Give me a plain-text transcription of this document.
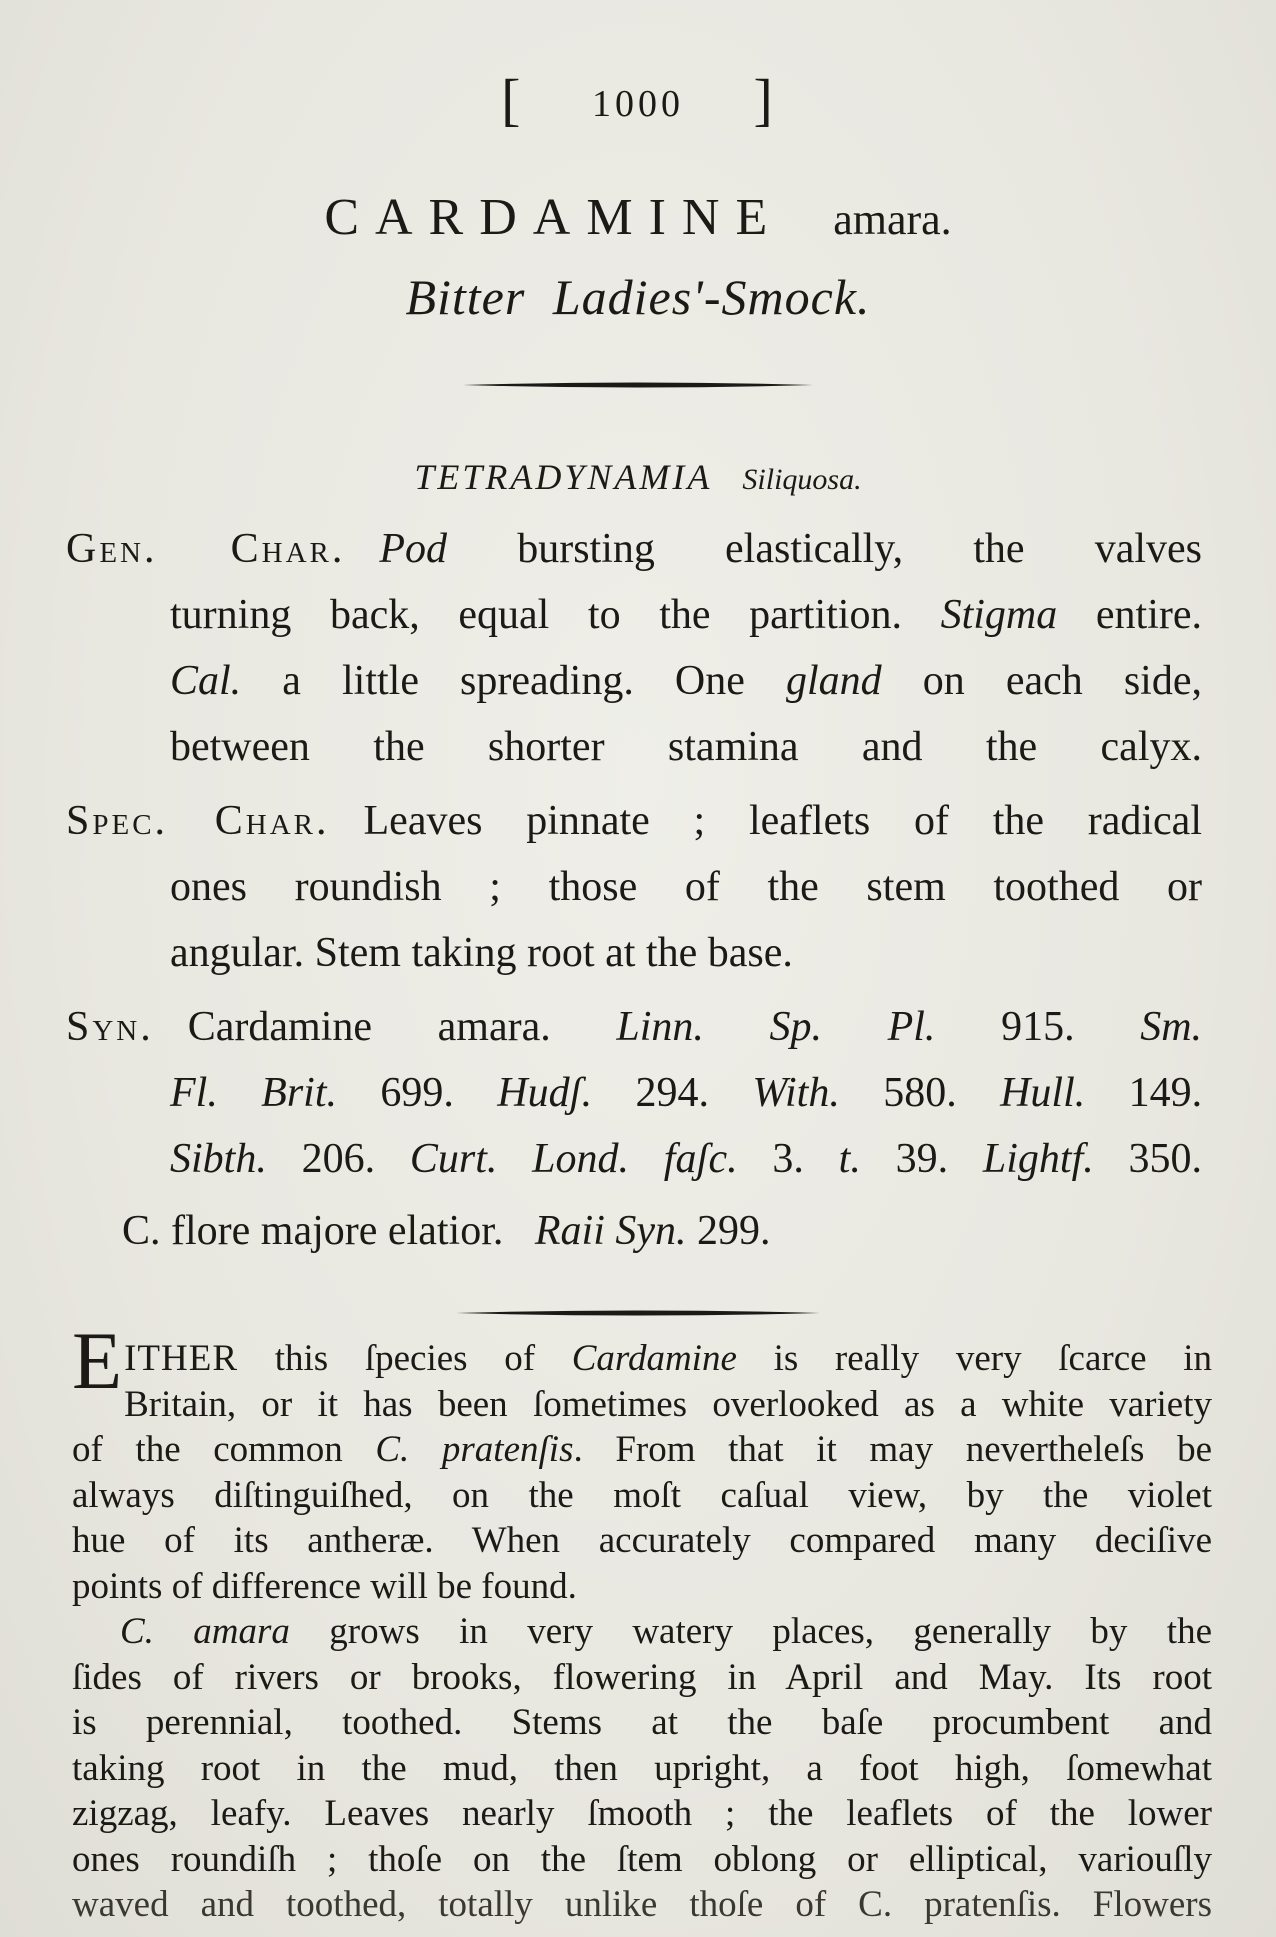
[ 1000 ]
CARDAMINE amara.
Bitter Ladies'-Smock.
TETRADYNAMIA Siliquosa.
Gen. Char. Pod bursting elastically, the valves
turning back, equal to the partition. Stigma entire.
Cal. a little spreading. One gland on each side,
between the shorter stamina and the calyx.
Spec. Char. Leaves pinnate ; leaflets of the radical
ones roundish ; those of the stem toothed or
angular. Stem taking root at the base.
Syn. Cardamine amara. Linn. Sp. Pl. 915. Sm.
Fl. Brit. 699. Hudʃ. 294. With. 580. Hull. 149.
Sibth. 206. Curt. Lond. faʃc. 3. t. 39. Lightf. 350.
C. flore majore elatior. Raii Syn. 299.
EITHER this ſpecies of Cardamine is really very ſcarce in
Britain, or it has been ſometimes overlooked as a white variety
of the common C. pratenſis. From that it may neverthelеſs be
always diſtinguiſhed, on the moſt caſual view, by the violet
hue of its antheræ. When accurately compared many deciſive
points of difference will be found.
C. amara grows in very watery places, generally by the
ſides of rivers or brooks, flowering in April and May. Its root
is perennial, toothed. Stems at the baſe procumbent and
taking root in the mud, then upright, a foot high, ſomewhat
zigzag, leafy. Leaves nearly ſmooth ; the leaflets of the lower
ones roundiſh ; thoſe on the ſtem oblong or elliptical, variouſly
waved and toothed, totally unlike thoſe of C. pratenſis. Flowers
